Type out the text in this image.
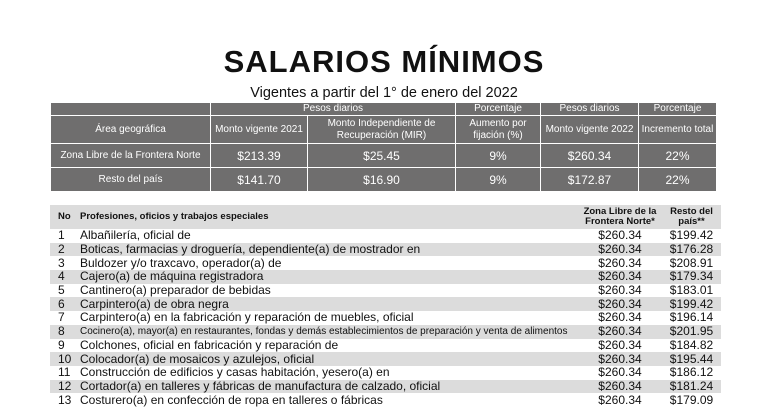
SALARIOS MÍNIMOS
Vigentes a partir del 1° de enero del 2022
	Pesos diarios		Porcentaje	Pesos diarios	Porcentaje
Área geográfica	Monto vigente 2021	Monto Independiente de Recuperación (MIR)	Aumento por fijación (%)	Monto vigente 2022	Incremento total
Zona Libre de la Frontera Norte	$213.39	$25.45	9%	$260.34	22%
Resto del país	$141.70	$16.90	9%	$172.87	22%
No	Profesiones, oficios y trabajos especiales	Zona Libre de la Frontera Norte*	Resto del país**
1	Albañilería, oficial de	$260.34	$199.42
2	Boticas, farmacias y droguería, dependiente(a) de mostrador en	$260.34	$176.28
3	Buldozer y/o traxcavo, operador(a) de	$260.34	$208.91
4	Cajero(a) de máquina registradora	$260.34	$179.34
5	Cantinero(a) preparador de bebidas	$260.34	$183.01
6	Carpintero(a) de obra negra	$260.34	$199.42
7	Carpintero(a) en la fabricación y reparación de muebles, oficial	$260.34	$196.14
8	Cocinero(a), mayor(a) en restaurantes, fondas y demás establecimientos de preparación y venta de alimentos	$260.34	$201.95
9	Colchones, oficial en fabricación y reparación de	$260.34	$184.82
10	Colocador(a) de mosaicos y azulejos, oficial	$260.34	$195.44
11	Construcción de edificios y casas habitación, yesero(a) en	$260.34	$186.12
12	Cortador(a) en talleres y fábricas de manufactura de calzado, oficial	$260.34	$181.24
13	Costurero(a) en confección de ropa en talleres o fábricas	$260.34	$179.09
